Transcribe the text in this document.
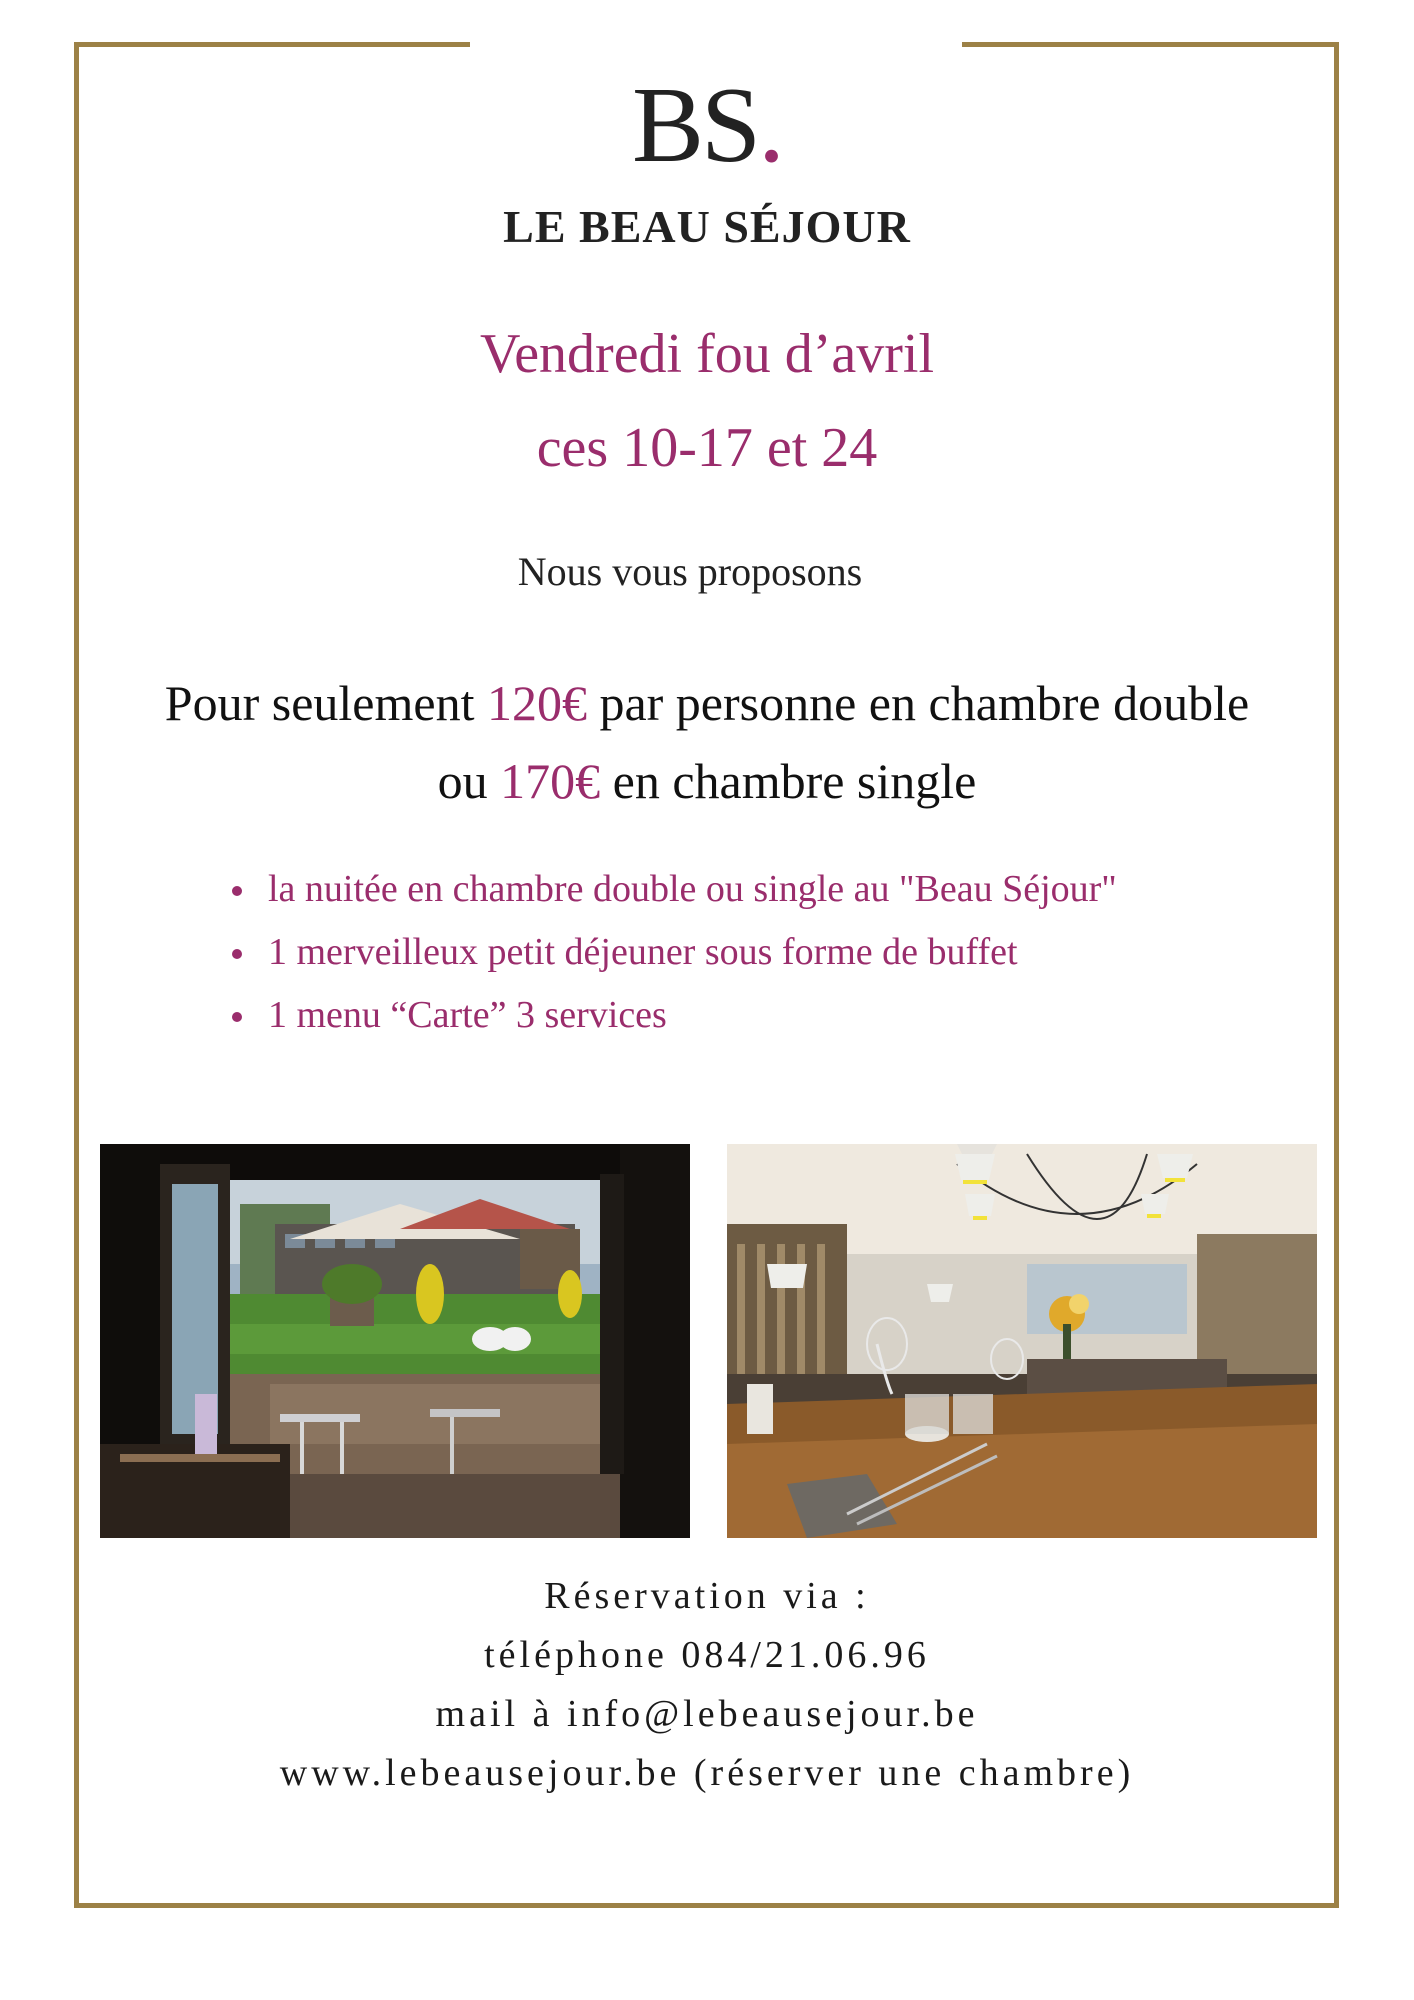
BS.
LE BEAU SÉJOUR
Vendredi fou d’avril
ces 10-17 et 24
Nous vous proposons
Pour seulement 120€ par personne en chambre double
ou 170€ en chambre single
la nuitée en chambre double ou single au "Beau Séjour"
1 merveilleux petit déjeuner sous forme de buffet
1 menu “Carte” 3 services
Réservation via :
téléphone 084/21.06.96
mail à info@lebeausejour.be
www.lebeausejour.be (réserver une chambre)
